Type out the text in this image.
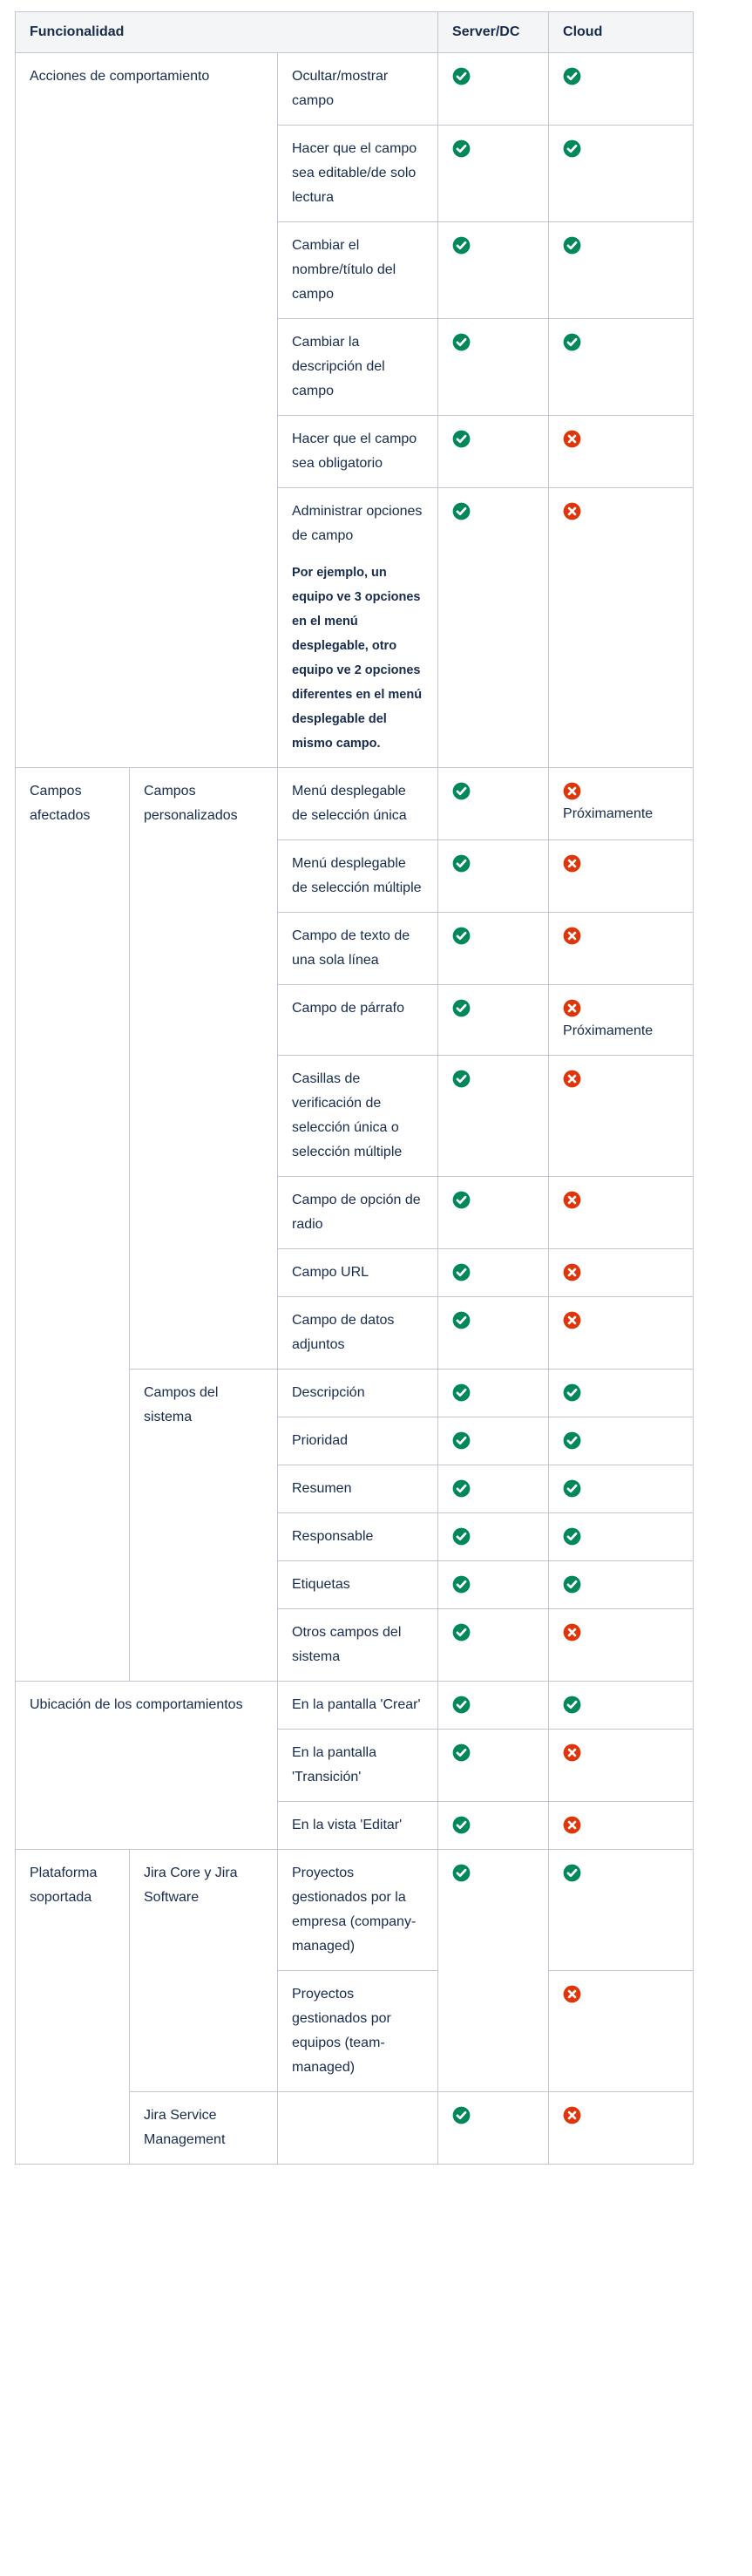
Funcionalidad			Server/DC	Cloud

Acciones de comportamiento		Ocultar/mostrar campo

		Hacer que el campo sea editable/de solo lectura

		Cambiar el nombre/título del campo

		Cambiar la descripción del campo

		Hacer que el campo sea obligatorio

		Administrar opciones de campo
Por ejemplo, un equipo ve 3 opciones en el menú desplegable, otro equipo ve 2 opciones diferentes en el menú desplegable del mismo campo.

Campos afectados	Campos personalizados	Menú desplegable de selección única		Próximamente

		Menú desplegable de selección múltiple

		Campo de texto de una sola línea

		Campo de párrafo		Próximamente

		Casillas de verificación de selección única o selección múltiple

		Campo de opción de radio

		Campo URL

		Campo de datos adjuntos

	Campos del sistema	Descripción

		Prioridad

		Resumen

		Responsable

		Etiquetas

		Otros campos del sistema

Ubicación de los comportamientos		En la pantalla 'Crear'

		En la pantalla 'Transición'

		En la vista 'Editar'

Plataforma soportada	Jira Core y Jira Software	Proyectos gestionados por la empresa (company-managed)

		Proyectos gestionados por equipos (team-managed)

	Jira Service Management
